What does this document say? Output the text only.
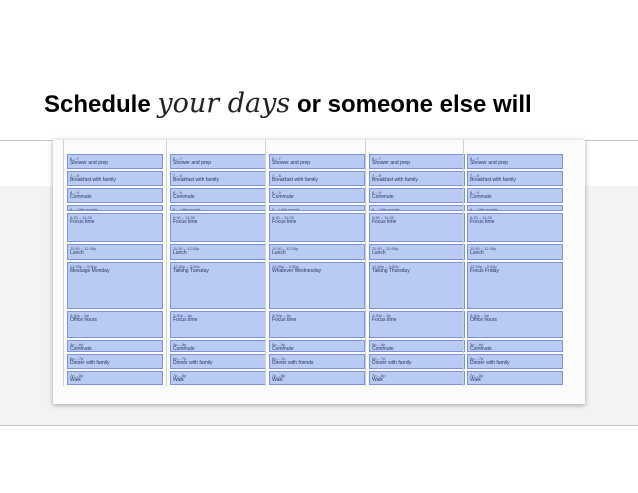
Schedule your days or someone else will
6 – 7
Shower and prep
7 – 8
Breakfast with family
8 – 9
Commute
9 – Little emails
9:30 – 11:30
Focus time
11:30 – 12:30p
Lunch
12:30p – 3:30p
Message Monday
3:30p – 5p
Office hours
5p – 6p
Commute
6p – 7p
Dinner with family
7p – 8p
Walk
6 – 7
Shower and prep
7 – 8
Breakfast with family
8 – 9
Commute
9 – Little emails
9:30 – 11:30
Focus time
11:30 – 12:30p
Lunch
12:30p – 3:30p
Talking Tuesday
3:30p – 5p
Focus time
5p – 6p
Commute
6p – 7p
Dinner with family
7p – 8p
Walk
6 – 7
Shower and prep
7 – 8
Breakfast with family
8 – 9
Commute
9 – Little emails
9:30 – 11:30
Focus time
11:30 – 12:30p
Lunch
12:30p – 3:30p
Whatever Wednesday
3:30p – 5p
Focus time
5p – 6p
Commute
6p – 7p
Dinner with friends
7p – 8p
Walk
6 – 7
Shower and prep
7 – 8
Breakfast with family
8 – 9
Commute
9 – Little emails
9:30 – 11:30
Focus time
11:30 – 12:30p
Lunch
12:30p – 3:30p
Talking Thursday
3:30p – 5p
Focus time
5p – 6p
Commute
6p – 7p
Dinner with family
7p – 8p
Walk
6 – 7
Shower and prep
7 – 8
Breakfast with family
8 – 9
Commute
9 – Little emails
9:30 – 11:30
Focus time
11:30 – 12:30p
Lunch
12:30p – 3:30p
Focus Friday
3:30p – 5p
Office hours
5p – 6p
Commute
6p – 7p
Dinner with family
7p – 8p
Walk
